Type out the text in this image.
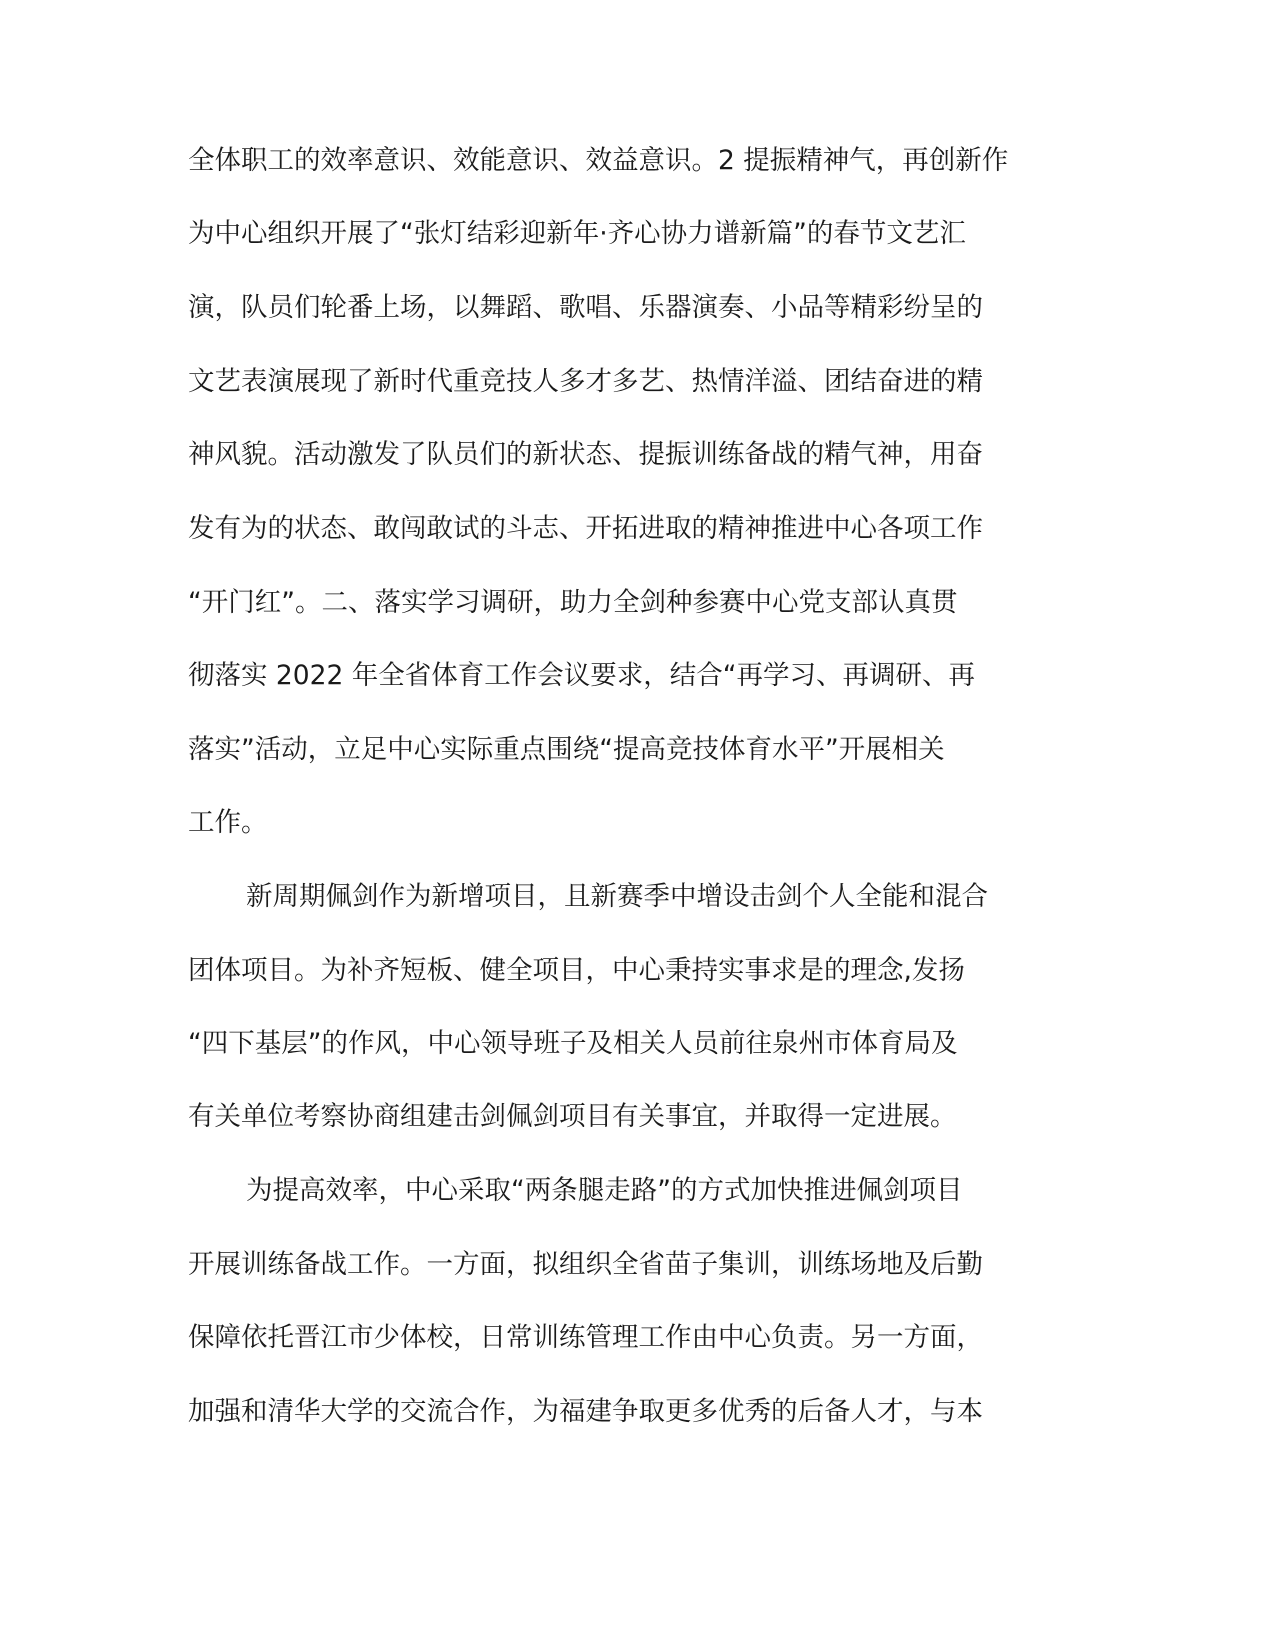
全体职工的效率意识、效能意识、效益意识。2 提振精神气，再创新作
为中心组织开展了“张灯结彩迎新年·齐心协力谱新篇”的春节文艺汇
演，队员们轮番上场，以舞蹈、歌唱、乐器演奏、小品等精彩纷呈的
文艺表演展现了新时代重竞技人多才多艺、热情洋溢、团结奋进的精
神风貌。活动激发了队员们的新状态、提振训练备战的精气神，用奋
发有为的状态、敢闯敢试的斗志、开拓进取的精神推进中心各项工作
“开门红”。二、落实学习调研，助力全剑种参赛中心党支部认真贯
彻落实 2022 年全省体育工作会议要求，结合“再学习、再调研、再
落实”活动，立足中心实际重点围绕“提高竞技体育水平”开展相关
工作。
新周期佩剑作为新增项目，且新赛季中增设击剑个人全能和混合
团体项目。为补齐短板、健全项目，中心秉持实事求是的理念,发扬
“四下基层”的作风，中心领导班子及相关人员前往泉州市体育局及
有关单位考察协商组建击剑佩剑项目有关事宜，并取得一定进展。
为提高效率，中心采取“两条腿走路”的方式加快推进佩剑项目
开展训练备战工作。一方面，拟组织全省苗子集训，训练场地及后勤
保障依托晋江市少体校，日常训练管理工作由中心负责。另一方面，
加强和清华大学的交流合作，为福建争取更多优秀的后备人才，与本
